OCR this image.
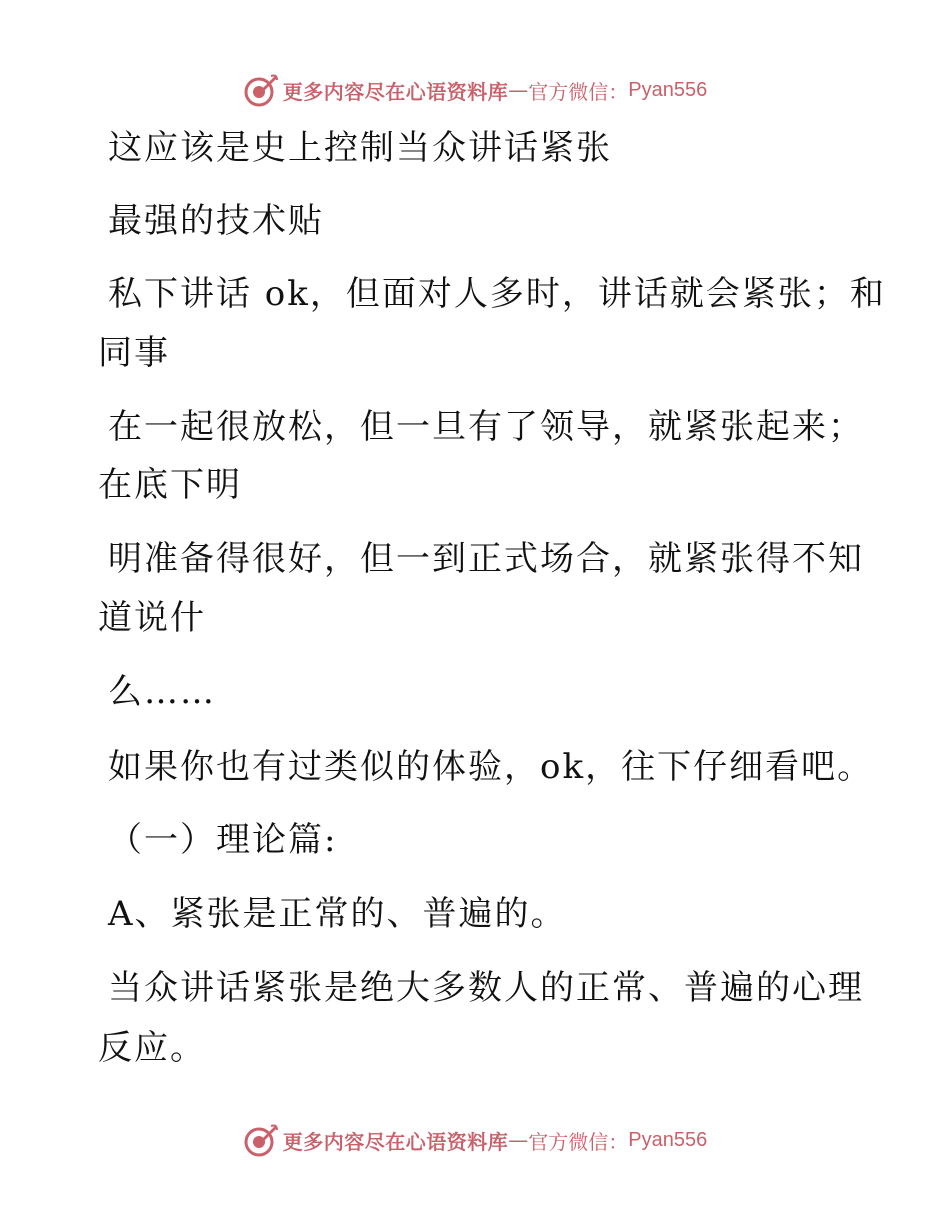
更多内容尽在心语资料库 — 官方微信： Pyan556
这应该是史上控制当众讲话紧张
最强的技术贴
私下讲话 ok，但面对人多时，讲话就会紧张；和
同事
在一起很放松，但一旦有了领导，就紧张起来；
在底下明
明准备得很好，但一到正式场合，就紧张得不知
道说什
么……
如果你也有过类似的体验，ok，往下仔细看吧。
（一）理论篇:
A、紧张是正常的、普遍的。
当众讲话紧张是绝大多数人的正常、普遍的心理
反应。
更多内容尽在心语资料库 — 官方微信： Pyan556
